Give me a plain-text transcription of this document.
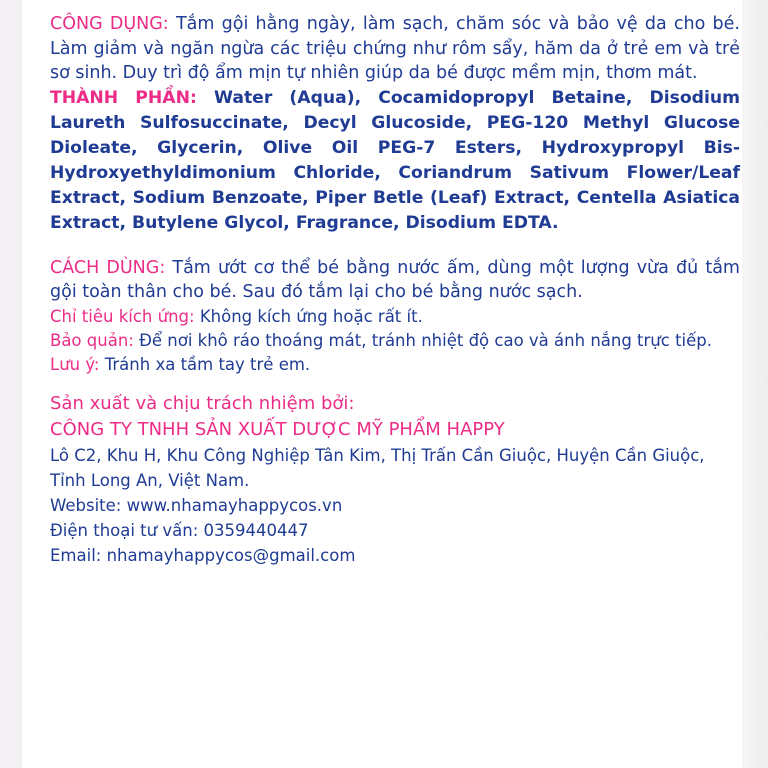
CÔNG DỤNG: Tắm gội hằng ngày, làm sạch, chăm sóc và bảo vệ da cho bé. Làm giảm và ngăn ngừa các triệu chứng như rôm sẩy, hăm da ở trẻ em và trẻ sơ sinh. Duy trì độ ẩm mịn tự nhiên giúp da bé được mềm mịn, thơm mát.

THÀNH PHẦN: Water (Aqua), Cocamidopropyl Betaine, Disodium Laureth Sulfosuccinate, Decyl Glucoside, PEG-120 Methyl Glucose Dioleate, Glycerin, Olive Oil PEG-7 Esters, Hydroxypropyl Bis-Hydroxyethyldimonium Chloride, Coriandrum Sativum Flower/Leaf Extract, Sodium Benzoate, Piper Betle (Leaf) Extract, Centella Asiatica Extract, Butylene Glycol, Fragrance, Disodium EDTA.

CÁCH DÙNG: Tắm ướt cơ thể bé bằng nước ấm, dùng một lượng vừa đủ tắm gội toàn thân cho bé. Sau đó tắm lại cho bé bằng nước sạch.

Chỉ tiêu kích ứng: Không kích ứng hoặc rất ít.

Bảo quản: Để nơi khô ráo thoáng mát, tránh nhiệt độ cao và ánh nắng trực tiếp.

Lưu ý: Tránh xa tầm tay trẻ em.

Sản xuất và chịu trách nhiệm bởi:

CÔNG TY TNHH SẢN XUẤT DƯỢC MỸ PHẨM HAPPY

Lô C2, Khu H, Khu Công Nghiệp Tân Kim, Thị Trấn Cần Giuộc, Huyện Cần Giuộc, Tỉnh Long An, Việt Nam.

Website: www.nhamayhappycos.vn

Điện thoại tư vấn: 0359440447

Email: nhamayhappycos@gmail.com
